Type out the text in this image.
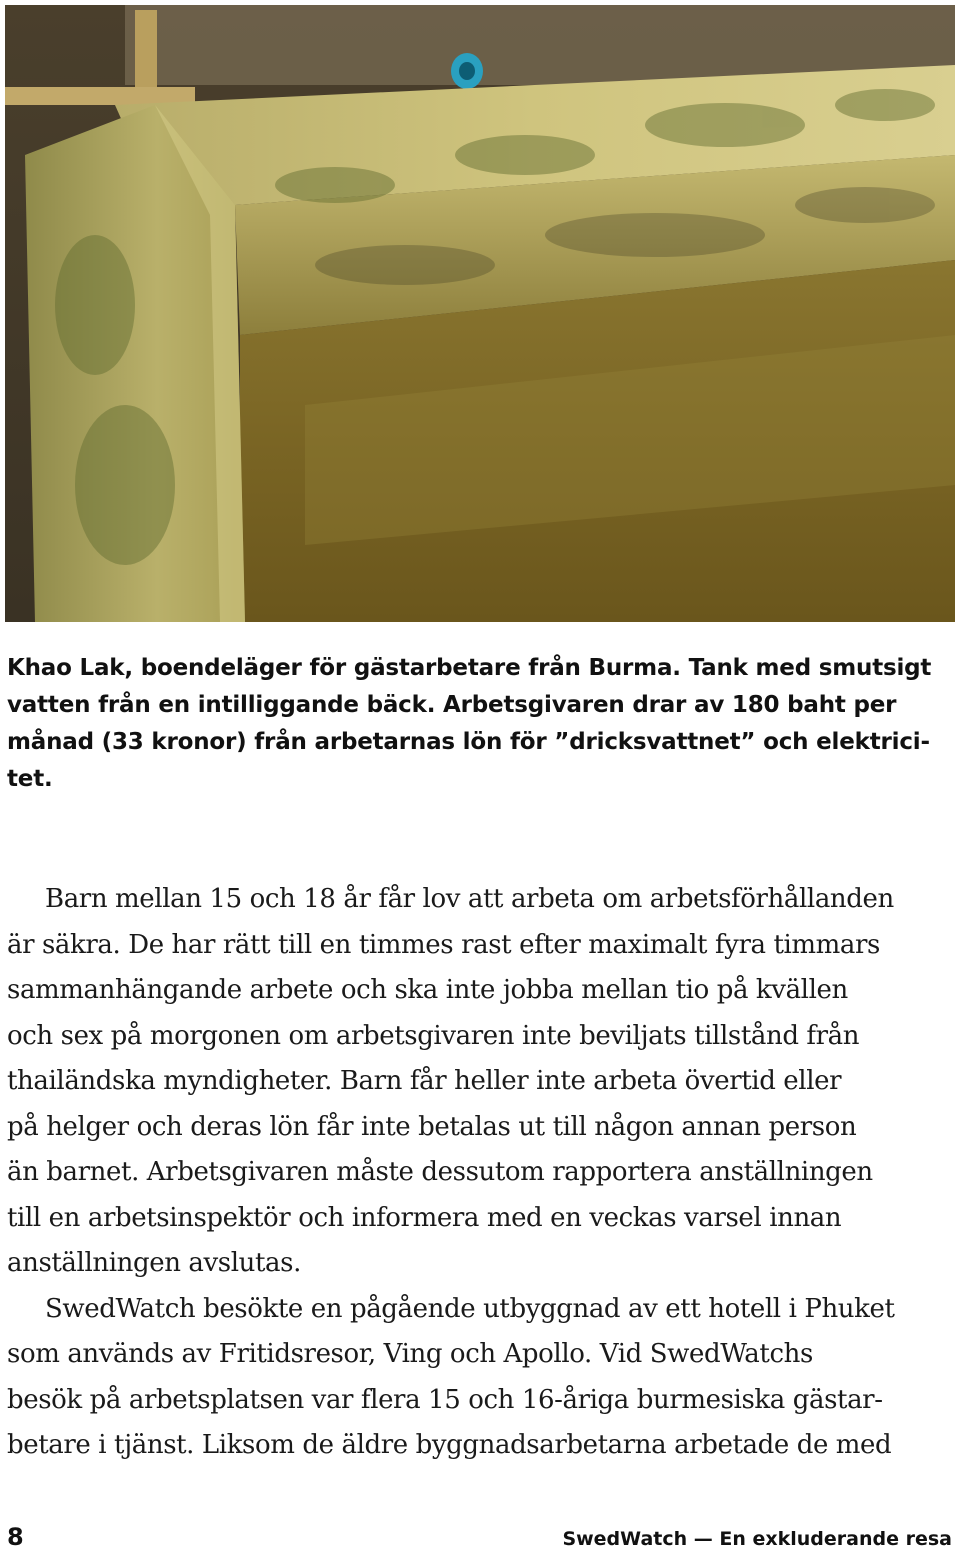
Khao Lak, boendeläger för gästarbetare från Burma. Tank med smutsigt
vatten från en intilliggande bäck. Arbetsgivaren drar av 180 baht per
månad (33 kronor) från arbetarnas lön för ”dricksvattnet” och elektrici-
tet.
Barn mellan 15 och 18 år får lov att arbeta om arbetsförhållanden
är säkra. De har rätt till en timmes rast efter maximalt fyra timmars
sammanhängande arbete och ska inte jobba mellan tio på kvällen
och sex på morgonen om arbetsgivaren inte beviljats tillstånd från
thailändska myndigheter. Barn får heller inte arbeta övertid eller
på helger och deras lön får inte betalas ut till någon annan person
än barnet. Arbetsgivaren måste dessutom rapportera anställningen
till en arbetsinspektör och informera med en veckas varsel innan
anställningen avslutas.
SwedWatch besökte en pågående utbyggnad av ett hotell i Phuket
som används av Fritidsresor, Ving och Apollo. Vid SwedWatchs
besök på arbetsplatsen var flera 15 och 16-åriga burmesiska gästar-
betare i tjänst. Liksom de äldre byggnadsarbetarna arbetade de med
8	SwedWatch — En exkluderande resa
